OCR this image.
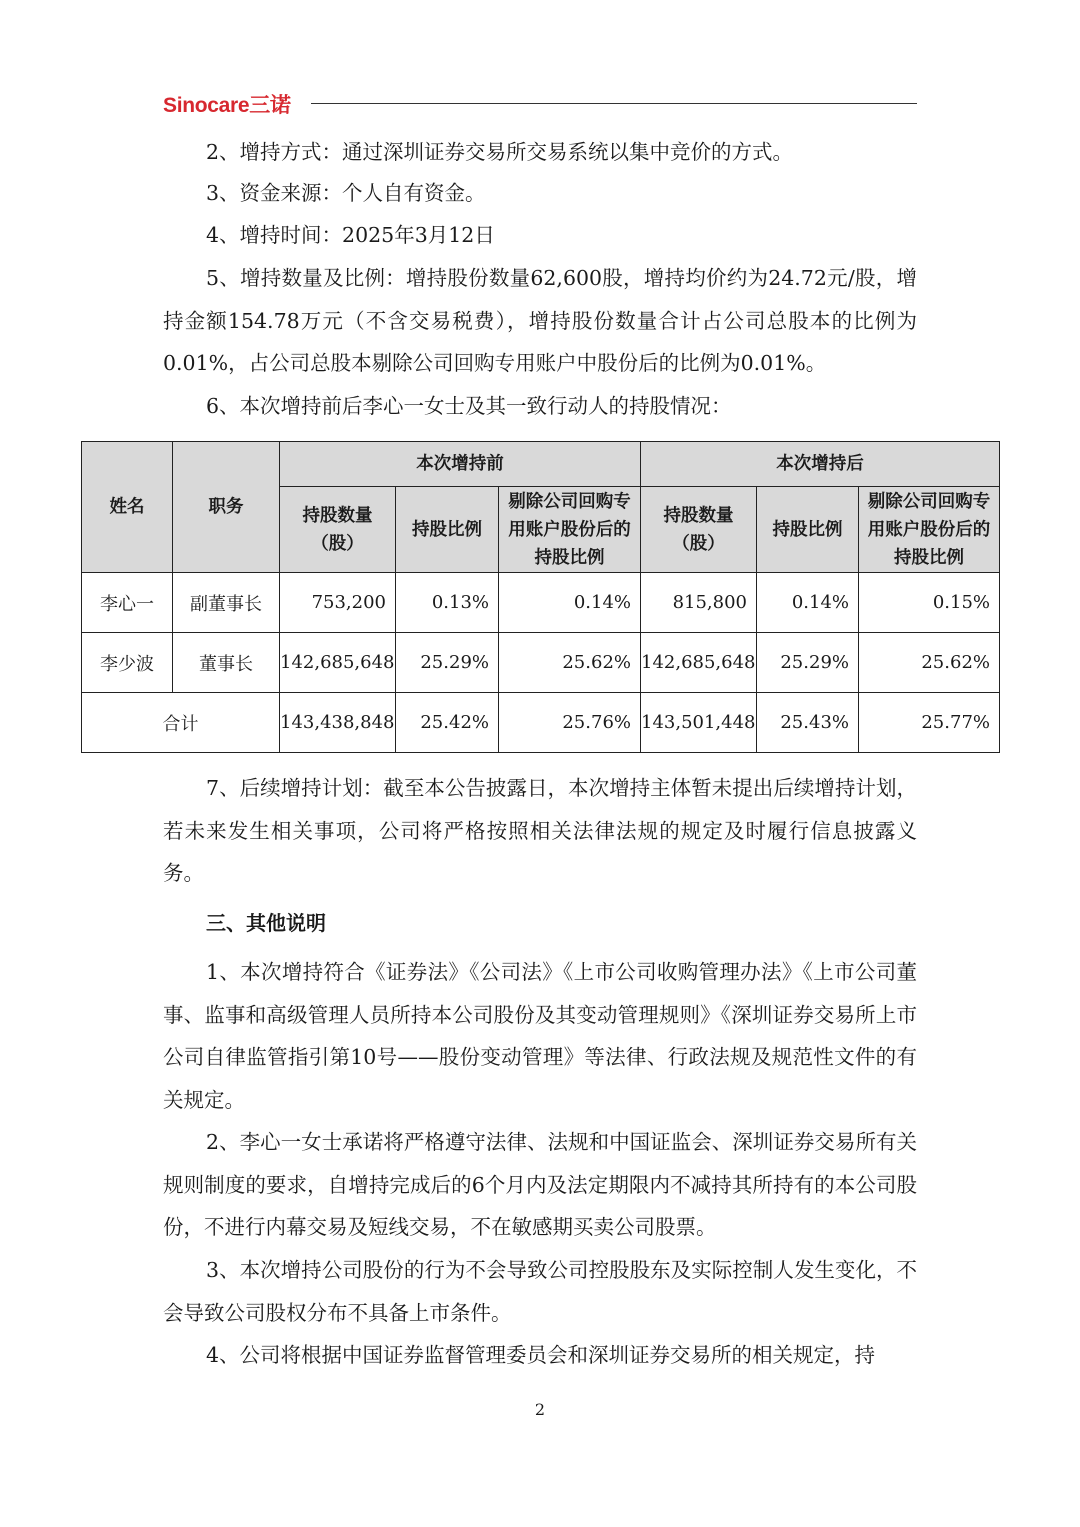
Sinocare三诺

2、增持方式：通过深圳证券交易所交易系统以集中竞价的方式。

3、资金来源：个人自有资金。

4、增持时间：2025年3月12日

5、增持数量及比例：增持股份数量62,600股，增持均价约为24.72元/股，增持金额154.78万元（不含交易税费），增持股份数量合计占公司总股本的比例为0.01%，占公司总股本剔除公司回购专用账户中股份后的比例为0.01%。

6、本次增持前后李心一女士及其一致行动人的持股情况：

姓名	职务	本次增持前			本次增持后		
		持股数量（股）	持股比例	剔除公司回购专用账户股份后的持股比例	持股数量（股）	持股比例	剔除公司回购专用账户股份后的持股比例
李心一	副董事长	753,200	0.13%	0.14%	815,800	0.14%	0.15%
李少波	董事长	142,685,648	25.29%	25.62%	142,685,648	25.29%	25.62%
合计		143,438,848	25.42%	25.76%	143,501,448	25.43%	25.77%

7、后续增持计划：截至本公告披露日，本次增持主体暂未提出后续增持计划，若未来发生相关事项，公司将严格按照相关法律法规的规定及时履行信息披露义务。

三、其他说明

1、本次增持符合《证券法》《公司法》《上市公司收购管理办法》《上市公司董事、监事和高级管理人员所持本公司股份及其变动管理规则》《深圳证券交易所上市公司自律监管指引第10号——股份变动管理》等法律、行政法规及规范性文件的有关规定。

2、李心一女士承诺将严格遵守法律、法规和中国证监会、深圳证券交易所有关规则制度的要求，自增持完成后的6个月内及法定期限内不减持其所持有的本公司股份，不进行内幕交易及短线交易，不在敏感期买卖公司股票。

3、本次增持公司股份的行为不会导致公司控股股东及实际控制人发生变化，不会导致公司股权分布不具备上市条件。

4、公司将根据中国证券监督管理委员会和深圳证券交易所的相关规定，持

2
